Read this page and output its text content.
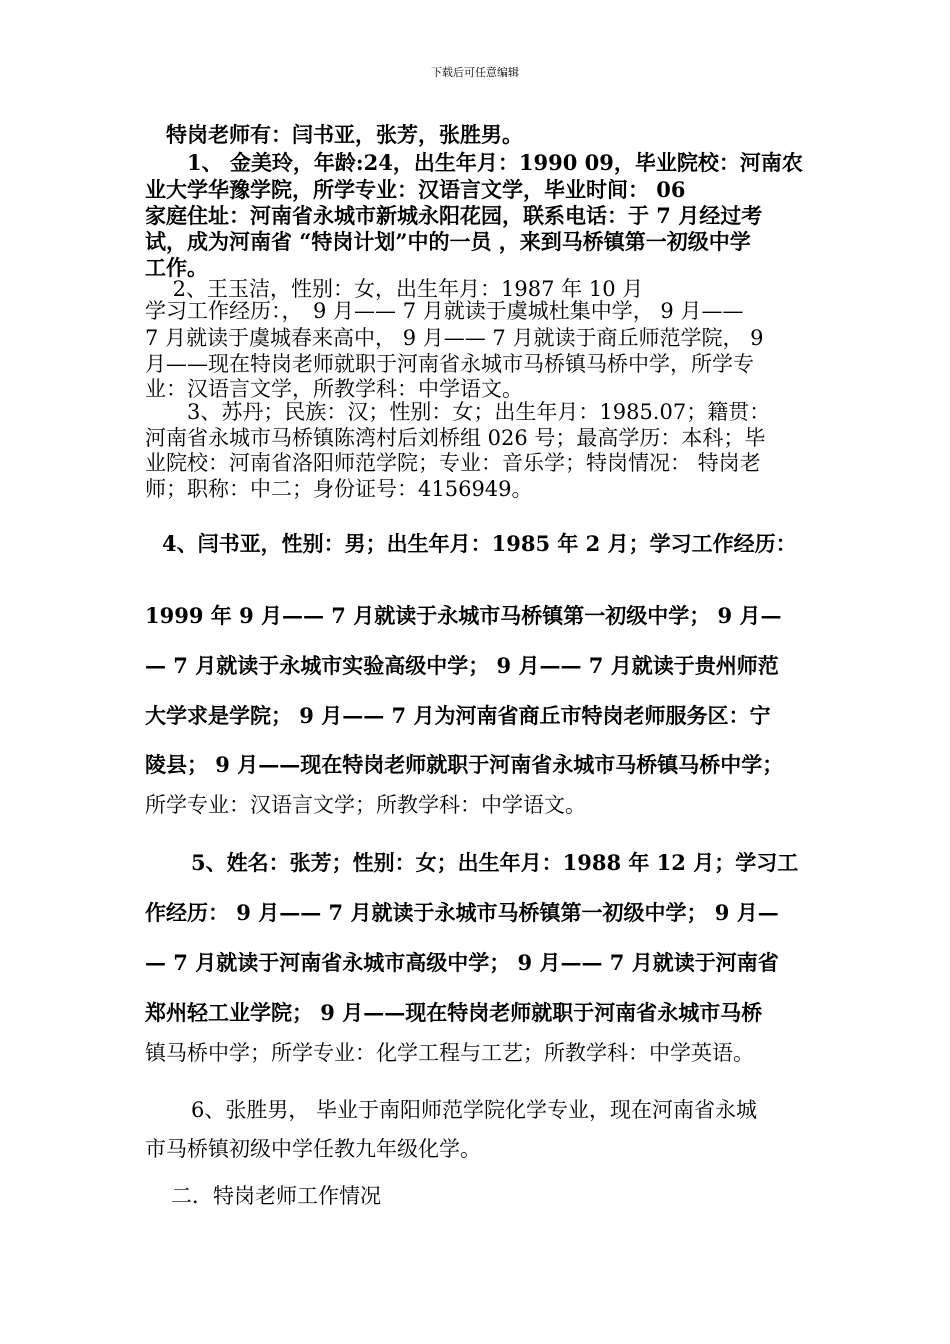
下载后可任意编辑
　特岗老师有：闫书亚，张芳，张胜男。
　　1、 金美玲，年龄:24，出生年月：1990 09，毕业院校：河南农
业大学华豫学院，所学专业：汉语言文学，毕业时间： 06
家庭住址：河南省永城市新城永阳花园，联系电话：于 7 月经过考
试，成为河南省 “特岗计划”中的一员 ，来到马桥镇第一初级中学
工作。
　 2、王玉洁，性别：女，出生年月：1987 年 10 月
学习工作经历：，　9 月—— 7 月就读于虞城杜集中学， 9 月——
7 月就读于虞城春来高中， 9 月—— 7 月就读于商丘师范学院， 9
月——现在特岗老师就职于河南省永城市马桥镇马桥中学，所学专
业：汉语言文学，所教学科：中学语文。
　　3、苏丹；民族：汉；性别：女；出生年月：1985.07；籍贯：
河南省永城市马桥镇陈湾村后刘桥组 026 号；最高学历：本科；毕
业院校：河南省洛阳师范学院；专业：音乐学；特岗情况： 特岗老
师；职称：中二；身份证号：4156949。
4、闫书亚，性别：男；出生年月：1985 年 2 月；学习工作经历：
1999 年 9 月—— 7 月就读于永城市马桥镇第一初级中学； 9 月—
— 7 月就读于永城市实验高级中学； 9 月—— 7 月就读于贵州师范
大学求是学院； 9 月—— 7 月为河南省商丘市特岗老师服务区：宁
陵县； 9 月——现在特岗老师就职于河南省永城市马桥镇马桥中学；
所学专业：汉语言文学；所教学科：中学语文。
　5、姓名：张芳；性别：女；出生年月：1988 年 12 月；学习工
作经历： 9 月—— 7 月就读于永城市马桥镇第一初级中学； 9 月—
— 7 月就读于河南省永城市高级中学； 9 月—— 7 月就读于河南省
郑州轻工业学院； 9 月——现在特岗老师就职于河南省永城市马桥
镇马桥中学；所学专业：化学工程与工艺；所教学科：中学英语。
　6、张胜男， 毕业于南阳师范学院化学专业，现在河南省永城
市马桥镇初级中学任教九年级化学。
　二．特岗老师工作情况
